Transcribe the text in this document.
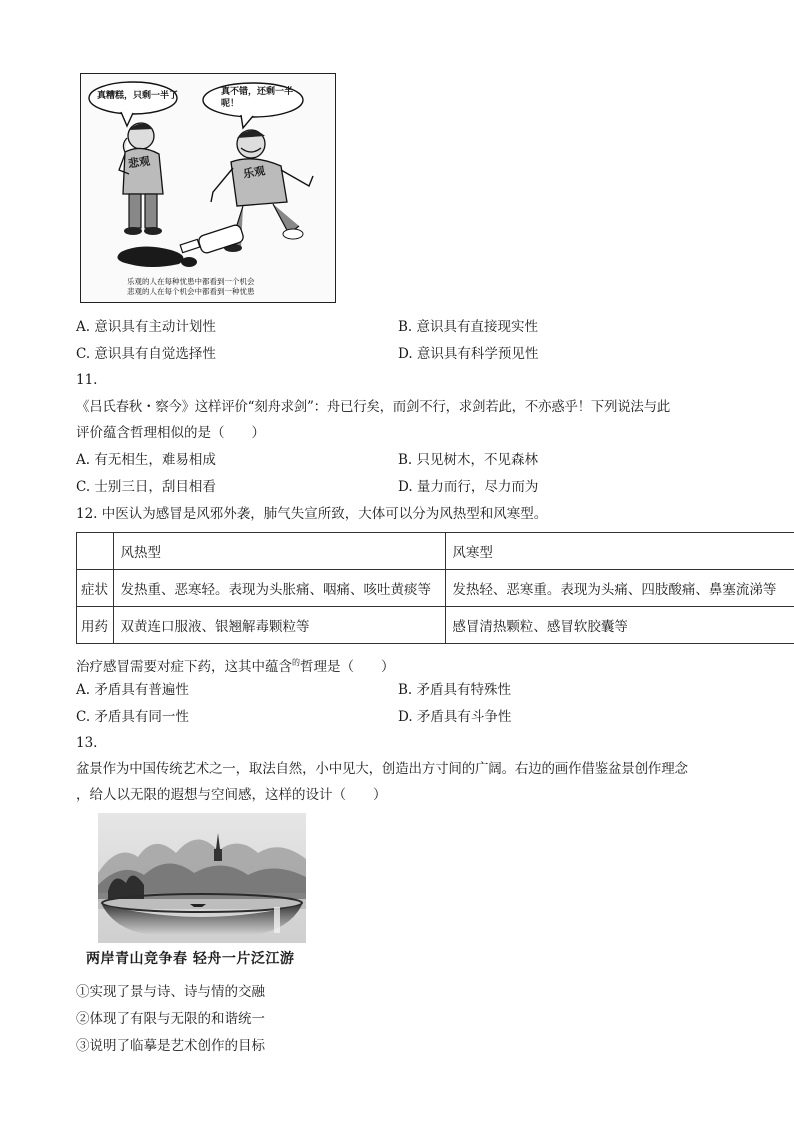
真糟糕，只剩一半了	真不错，还剩一半呢！
悲观
乐观
乐观的人在每种忧患中都看到一个机会
悲观的人在每个机会中都看到一种忧患
A. 意识具有主动计划性	B. 意识具有直接现实性
C. 意识具有自觉选择性	D. 意识具有科学预见性
11.
《吕氏春秋・察今》这样评价“刻舟求剑”：舟已行矣，而剑不行，求剑若此，不亦惑乎！下列说法与此
评价蕴含哲理相似的是（　　）
A. 有无相生，难易相成	B. 只见树木，不见森林
C. 士别三日，刮目相看	D. 量力而行，尽力而为
12. 中医认为感冒是风邪外袭，肺气失宣所致，大体可以分为风热型和风寒型。
	风热型	风寒型
症状	发热重、恶寒轻。表现为头胀痛、咽痛、咳吐黄痰等	发热轻、恶寒重。表现为头痛、四肢酸痛、鼻塞流涕等
用药	双黄连口服液、银翘解毒颗粒等	感冒清热颗粒、感冒软胶囊等
治疗感冒需要对症下药，这其中蕴含$^的$哲理是（　　）
A. 矛盾具有普遍性	B. 矛盾具有特殊性
C. 矛盾具有同一性	D. 矛盾具有斗争性
13.
盆景作为中国传统艺术之一，取法自然，小中见大，创造出方寸间的广阔。右边的画作借鉴盆景创作理念
，给人以无限的遐想与空间感，这样的设计（　　）
两岸青山竞争春 轻舟一片泛江游
①实现了景与诗、诗与情的交融
②体现了有限与无限的和谐统一
③说明了临摹是艺术创作的目标
